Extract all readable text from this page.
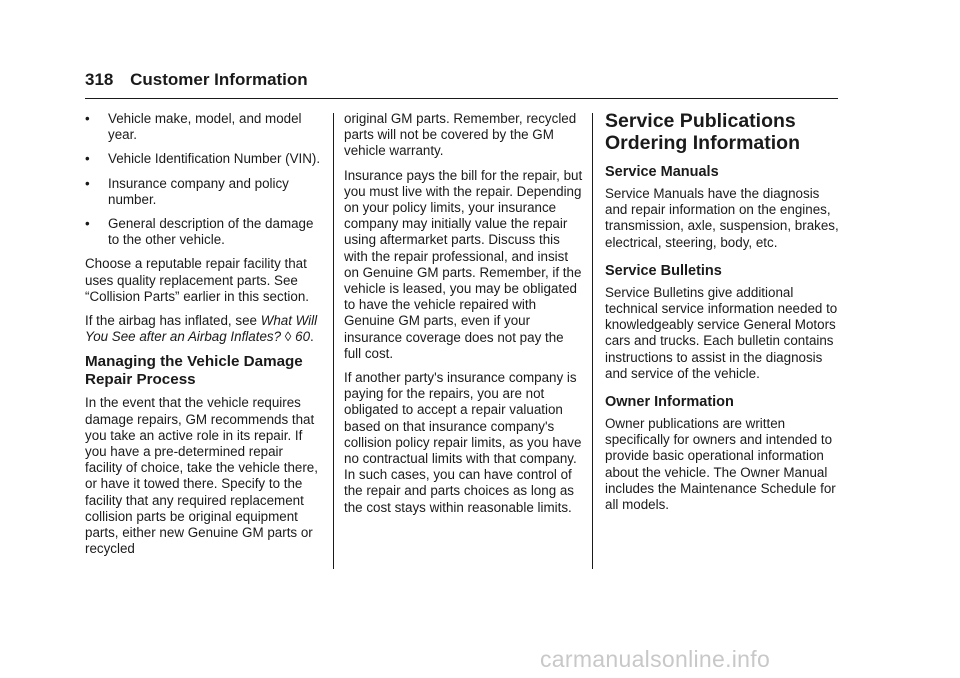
318 Customer Information
• Vehicle make, model, and model year.
• Vehicle Identification Number (VIN).
• Insurance company and policy number.
• General description of the damage to the other vehicle.

Choose a reputable repair facility that uses quality replacement parts. See “Collision Parts” earlier in this section.

If the airbag has inflated, see What Will You See after an Airbag Inflates? ◊ 60.

Managing the Vehicle Damage Repair Process

In the event that the vehicle requires damage repairs, GM recommends that you take an active role in its repair. If you have a pre-determined repair facility of choice, take the vehicle there, or have it towed there. Specify to the facility that any required replacement collision parts be original equipment parts, either new Genuine GM parts or recycled

original GM parts. Remember, recycled parts will not be covered by the GM vehicle warranty.

Insurance pays the bill for the repair, but you must live with the repair. Depending on your policy limits, your insurance company may initially value the repair using aftermarket parts. Discuss this with the repair professional, and insist on Genuine GM parts. Remember, if the vehicle is leased, you may be obligated to have the vehicle repaired with Genuine GM parts, even if your insurance coverage does not pay the full cost.

If another party's insurance company is paying for the repairs, you are not obligated to accept a repair valuation based on that insurance company's collision policy repair limits, as you have no contractual limits with that company. In such cases, you can have control of the repair and parts choices as long as the cost stays within reasonable limits.

Service Publications Ordering Information
Service Manuals

Service Manuals have the diagnosis and repair information on the engines, transmission, axle, suspension, brakes, electrical, steering, body, etc.

Service Bulletins

Service Bulletins give additional technical service information needed to knowledgeably service General Motors cars and trucks. Each bulletin contains instructions to assist in the diagnosis and service of the vehicle.

Owner Information

Owner publications are written specifically for owners and intended to provide basic operational information about the vehicle. The Owner Manual includes the Maintenance Schedule for all models.

carmanualsonline.info
